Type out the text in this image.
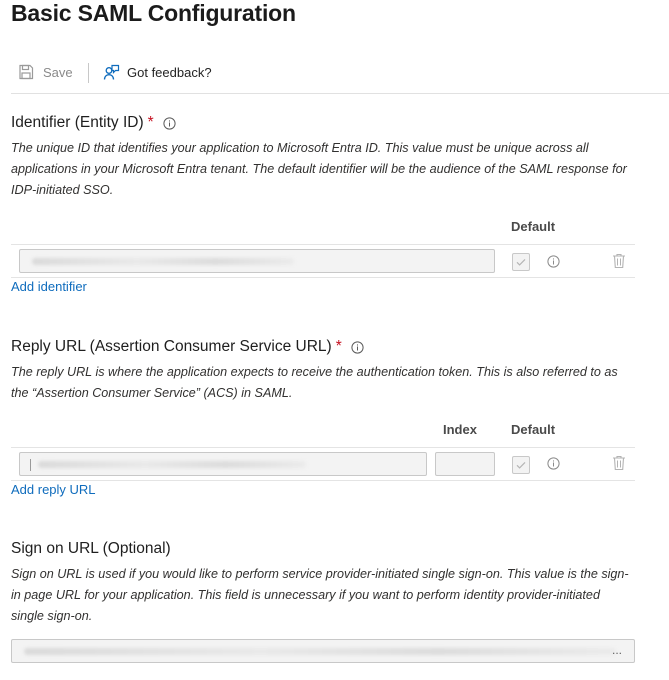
Basic SAML Configuration
Save	Got feedback?
Identifier (Entity ID) *
The unique ID that identifies your application to Microsoft Entra ID. This value must be unique across all applications in your Microsoft Entra tenant. The default identifier will be the audience of the SAML response for IDP-initiated SSO.
Default
Add identifier
Reply URL (Assertion Consumer Service URL) *
The reply URL is where the application expects to receive the authentication token. This is also referred to as the “Assertion Consumer Service” (ACS) in SAML.
Index	Default
Add reply URL
Sign on URL (Optional)
Sign on URL is used if you would like to perform service provider-initiated single sign-on. This value is the sign-in page URL for your application. This field is unnecessary if you want to perform identity provider-initiated single sign-on.
...
